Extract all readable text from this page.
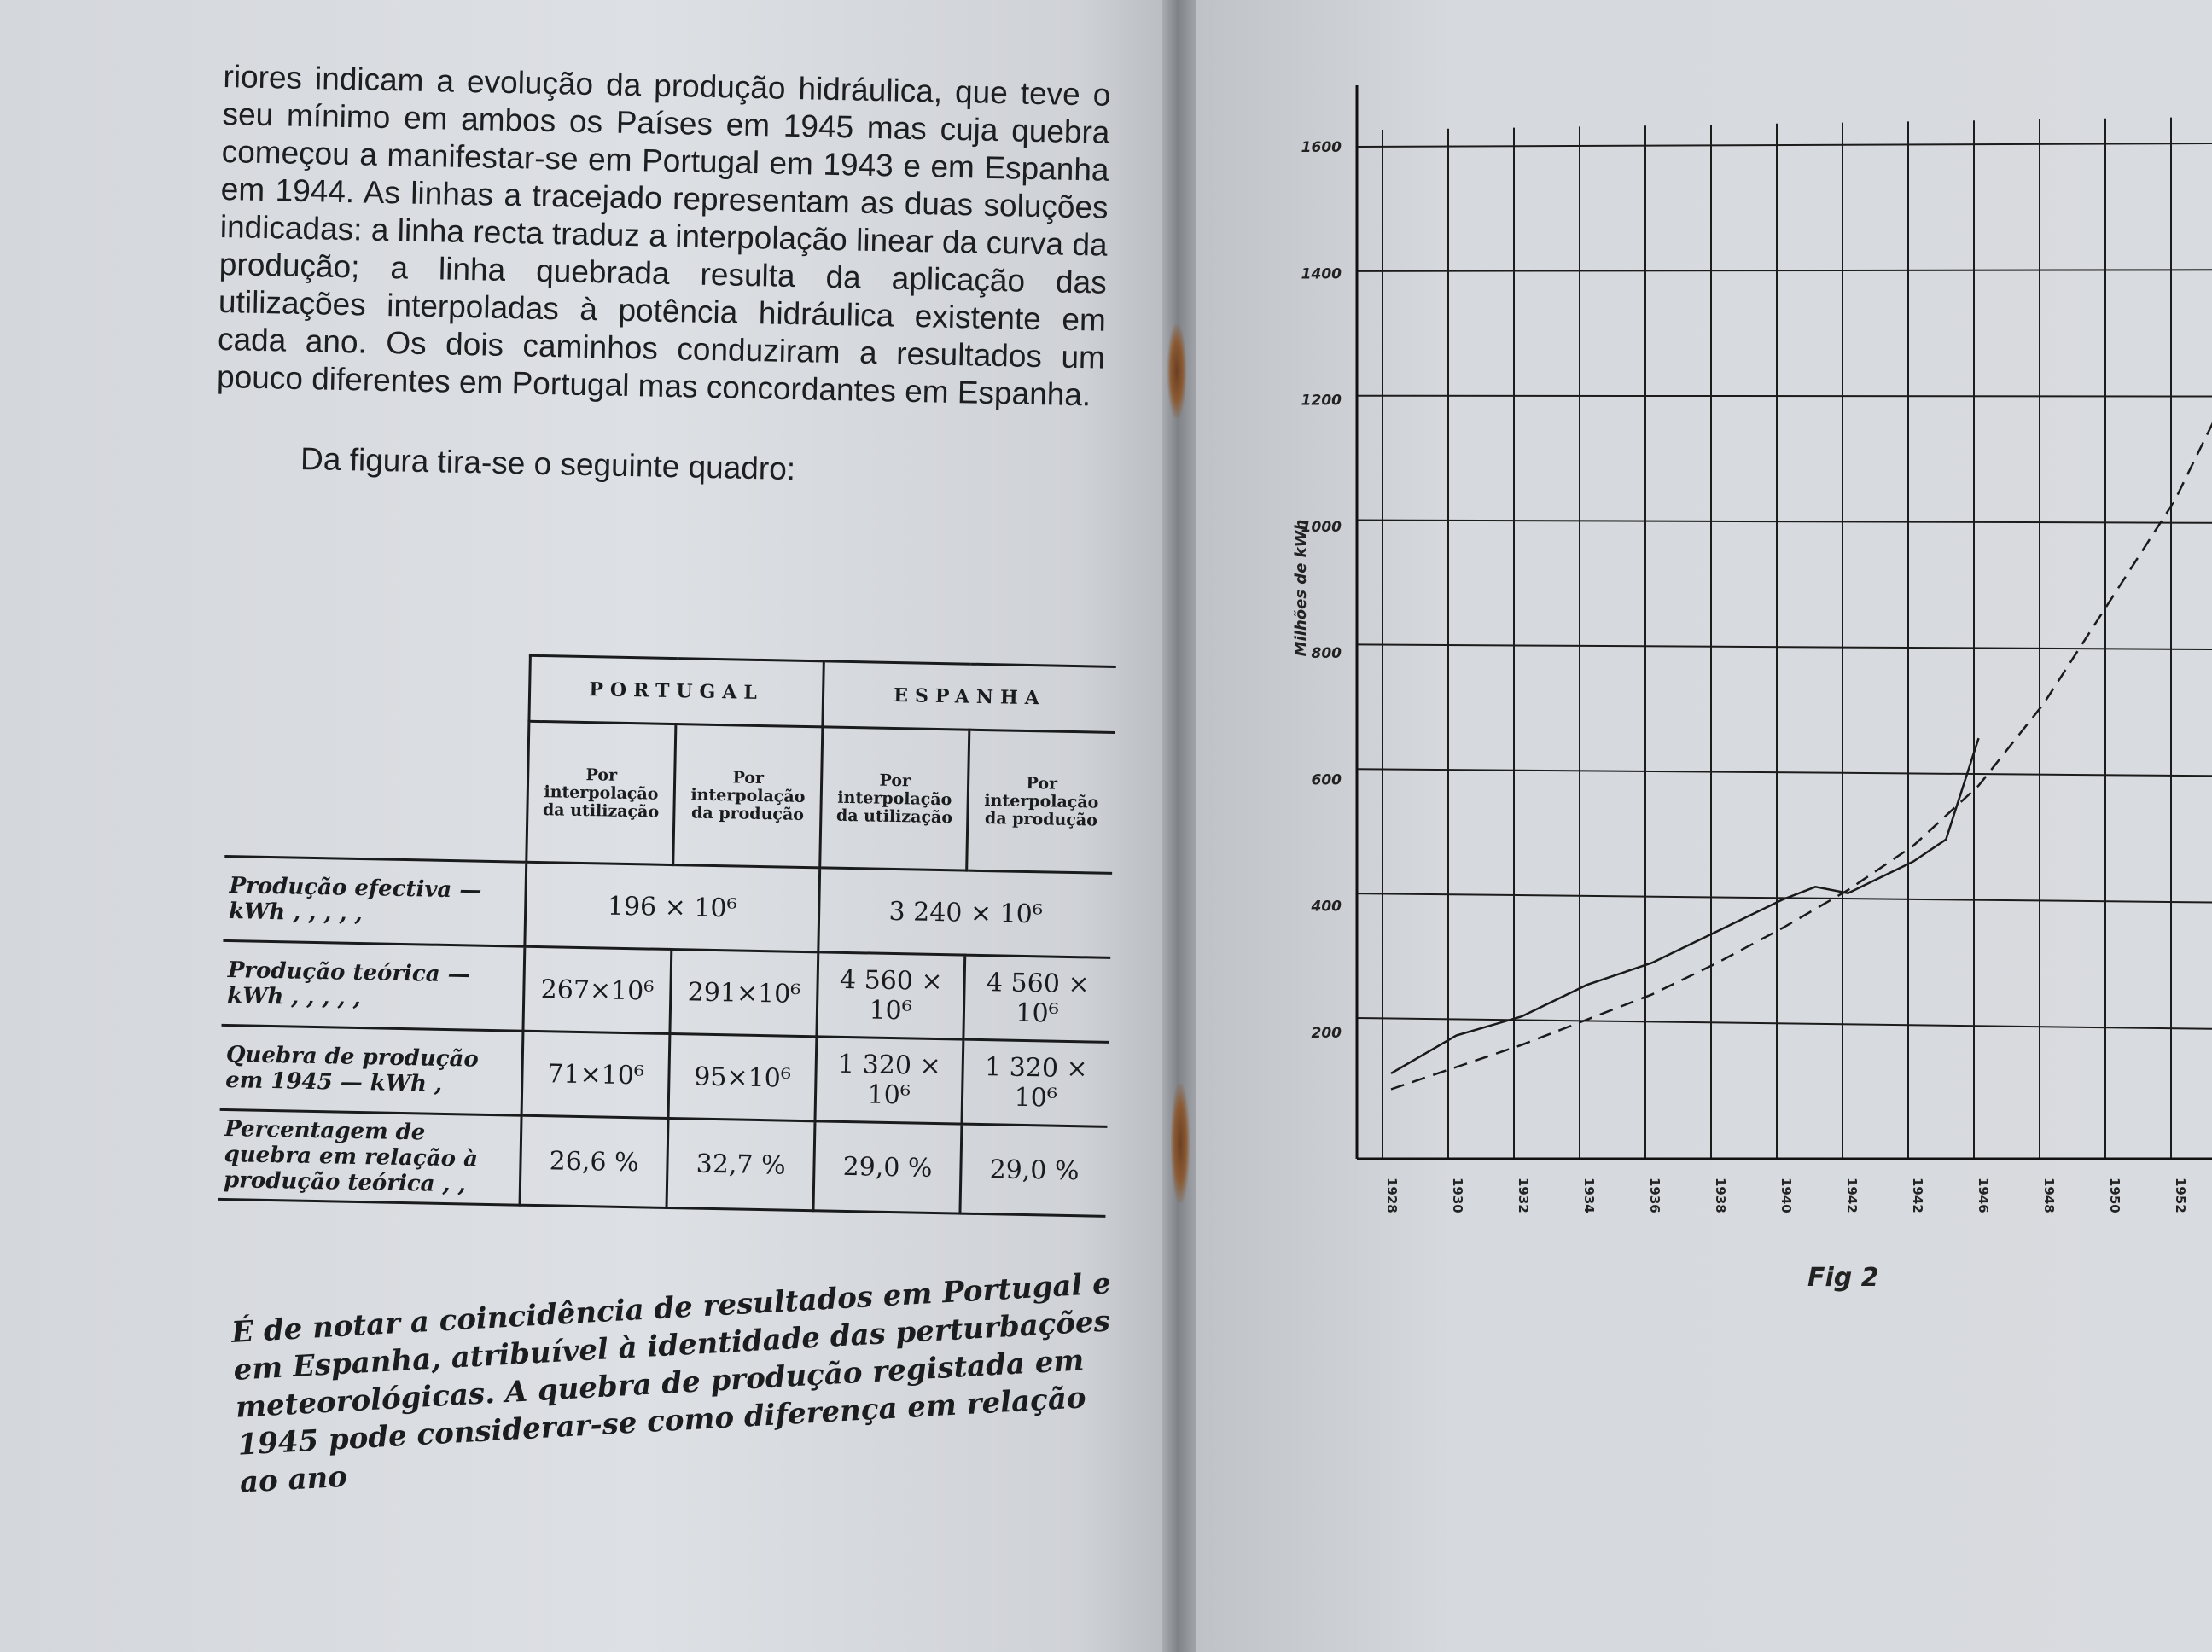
riores indicam a evolução da produção hidráulica, que teve o seu mínimo em ambos os Países em 1945 mas cuja quebra começou a manifestar-se em Portugal em 1943 e em Espanha em 1944. As linhas a tracejado representam as duas soluções indicadas: a linha recta traduz a interpolação linear da curva da produção; a linha quebrada resulta da aplicação das utilizações interpoladas à potência hidráulica existente em cada ano. Os dois caminhos conduziram a resultados um pouco diferentes em Portugal mas concordantes em Espanha.

Da figura tira-se o seguinte quadro:

	PORTUGAL		ESPANHA	
	Por interpolação da utilização	Por interpolação da produção	Por interpolação da utilização	Por interpolação da produção
Produção efectiva — kWh , , , , ,	196 × 10⁶		3 240 × 10⁶	
Produção teórica — kWh , , , , ,	267×10⁶	291×10⁶	4 560 × 10⁶	4 560 × 10⁶
Quebra de produção em 1945 — kWh ,	71×10⁶	95×10⁶	1 320 × 10⁶	1 320 × 10⁶
Percentagem de quebra em relação à produção teórica , ,	26,6 %	32,7 %	29,0 %	29,0 %
É de notar a coincidência de resultados em Portugal e em Espanha, atribuível à identidade das perturbações meteorológicas. A quebra de produção registada em 1945 pode considerar-se como diferença em relação ao ano
200
400
600
800
1000
1200
1400
1600
Milhões de kWh
1928	1930	1932	1934	1936	1938	1940	1942	1942	1946	1948	1950	1952
Fig 2
